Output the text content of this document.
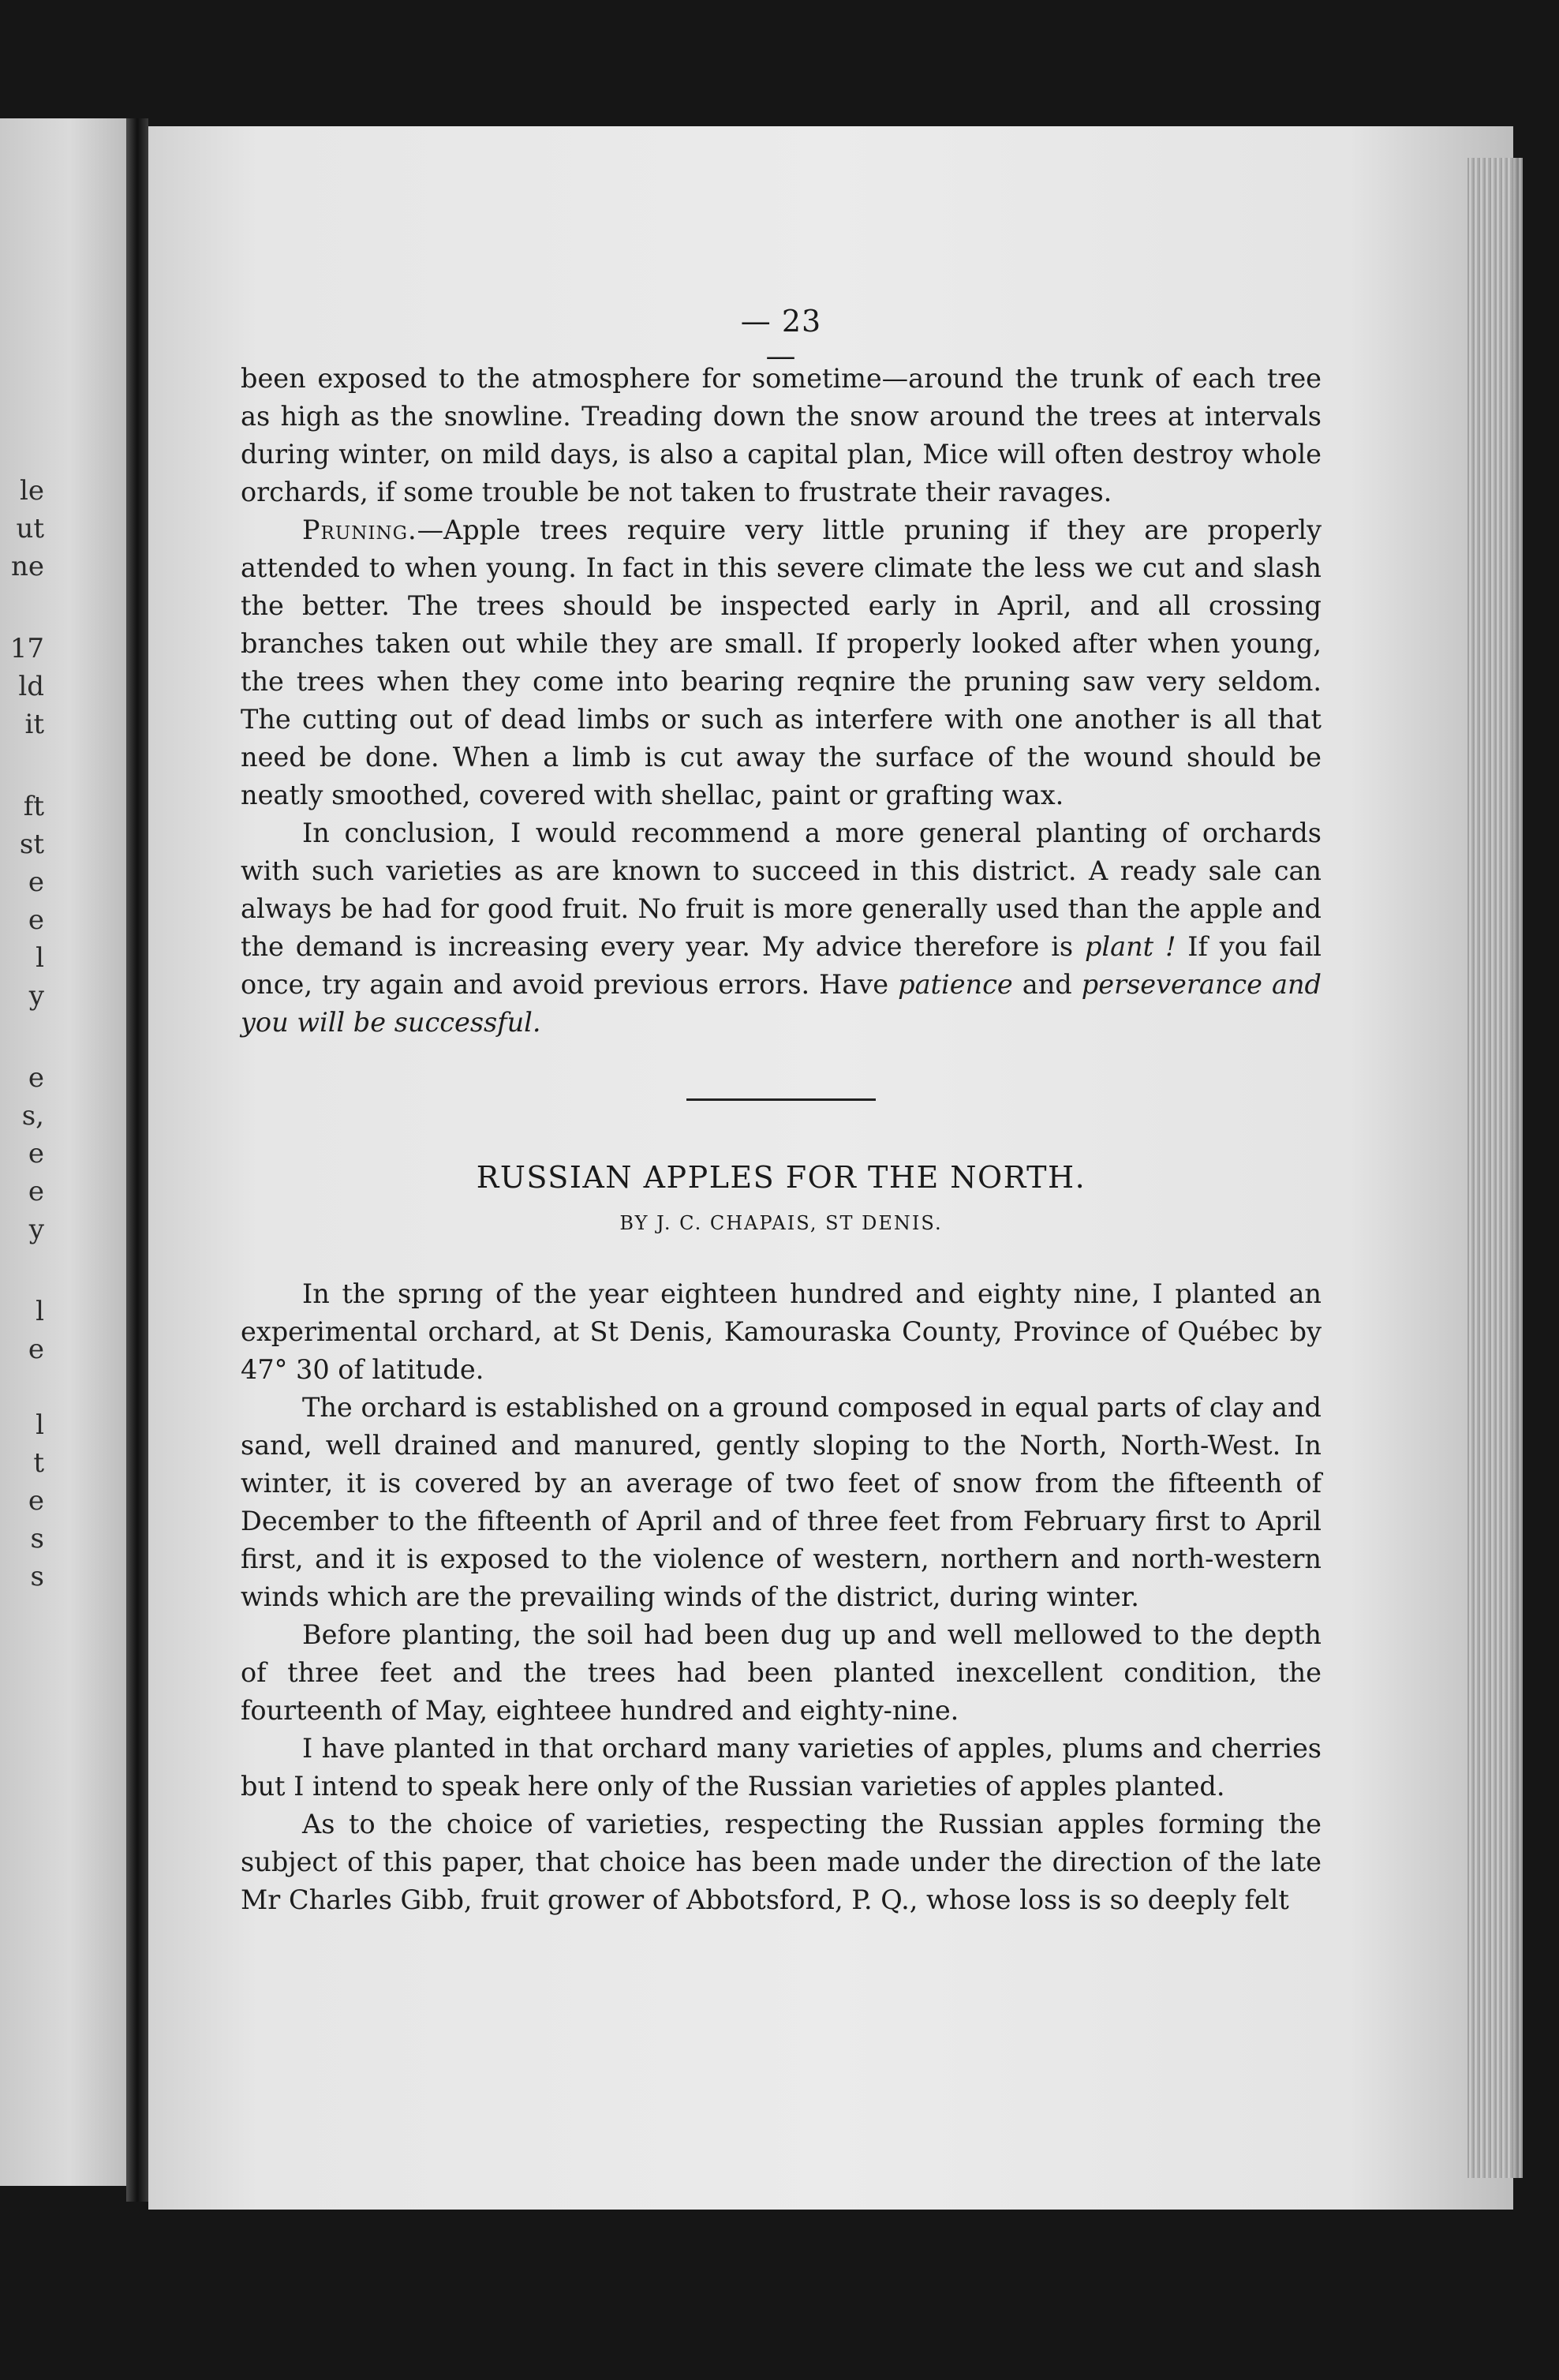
le
ut
ne
17
ld
it
ft
st
e
e
l
y
e
s,
e
e
y
l
e
l
t
e
s
s
— 23 —

been exposed to the atmosphere for sometime—around the trunk of each tree as high as the snowline. Treading down the snow around the trees at intervals during winter, on mild days, is also a capital plan, Mice will often destroy whole orchards, if some trouble be not taken to frustrate their ravages.

Pruning.—Apple trees require very little pruning if they are properly attended to when young. In fact in this severe climate the less we cut and slash the better. The trees should be inspected early in April, and all crossing branches taken out while they are small. If properly looked after when young, the trees when they come into bearing reqnire the pruning saw very seldom. The cutting out of dead limbs or such as interfere with one another is all that need be done. When a limb is cut away the surface of the wound should be neatly smoothed, covered with shellac, paint or grafting wax.

In conclusion, I would recommend a more general planting of orchards with such varieties as are known to succeed in this district. A ready sale can always be had for good fruit. No fruit is more generally used than the apple and the demand is increasing every year. My advice therefore is plant ! If you fail once, try again and avoid previous errors. Have patience and perseverance and you will be successful.

RUSSIAN APPLES FOR THE NORTH.
BY J. C. CHAPAIS, ST DENIS.

In the sprıng of the year eighteen hundred and eighty nine, I planted an experimental orchard, at St Denis, Kamouraska County, Province of Québec by 47° 30 of latitude.

The orchard is established on a ground composed in equal parts of clay and sand, well drained and manured, gently sloping to the North, North-West. In winter, it is covered by an average of two feet of snow from the fifteenth of December to the fifteenth of April and of three feet from February first to April first, and it is exposed to the violence of western, northern and north-western winds which are the prevailing winds of the district, during winter.

Before planting, the soil had been dug up and well mellowed to the depth of three feet and the trees had been planted inexcellent condition, the fourteenth of May, eighteee hundred and eighty-nine.

I have planted in that orchard many varieties of apples, plums and cherries but I intend to speak here only of the Russian varieties of apples planted.

As to the choice of varieties, respecting the Russian apples forming the subject of this paper, that choice has been made under the direction of the late Mr Charles Gibb, fruit grower of Abbotsford, P. Q., whose loss is so deeply felt
